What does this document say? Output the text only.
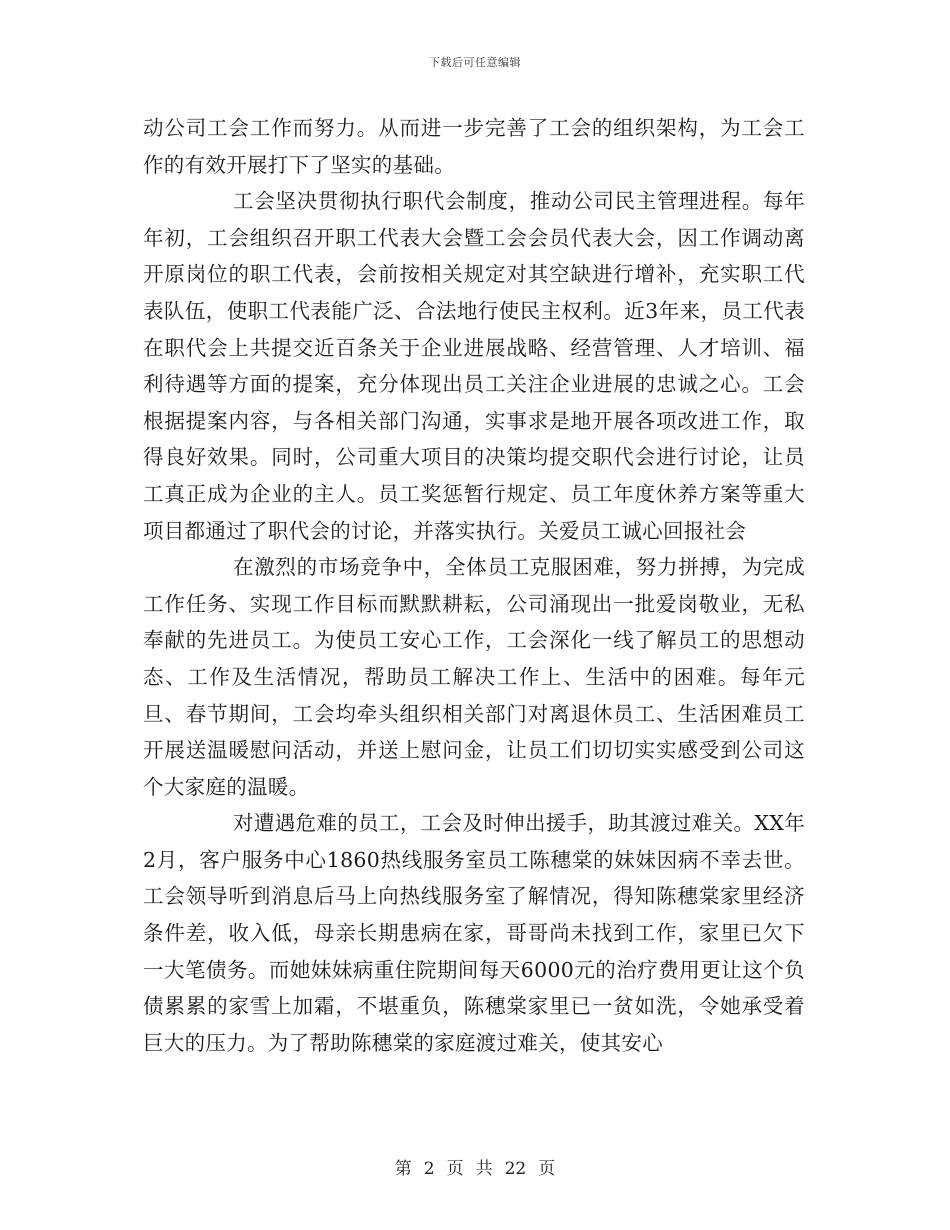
下载后可任意编辑

动公司工会工作而努力。从而进一步完善了工会的组织架构，为工会工作的有效开展打下了坚实的基础。

工会坚决贯彻执行职代会制度，推动公司民主管理进程。每年年初，工会组织召开职工代表大会暨工会会员代表大会，因工作调动离开原岗位的职工代表，会前按相关规定对其空缺进行增补，充实职工代表队伍，使职工代表能广泛、合法地行使民主权利。近3年来，员工代表在职代会上共提交近百条关于企业进展战略、经营管理、人才培训、福利待遇等方面的提案，充分体现出员工关注企业进展的忠诚之心。工会根据提案内容，与各相关部门沟通，实事求是地开展各项改进工作，取得良好效果。同时，公司重大项目的决策均提交职代会进行讨论，让员工真正成为企业的主人。员工奖惩暂行规定、员工年度休养方案等重大项目都通过了职代会的讨论，并落实执行。关爱员工诚心回报社会

在激烈的市场竞争中，全体员工克服困难，努力拼搏，为完成工作任务、实现工作目标而默默耕耘，公司涌现出一批爱岗敬业，无私奉献的先进员工。为使员工安心工作，工会深化一线了解员工的思想动态、工作及生活情况，帮助员工解决工作上、生活中的困难。每年元旦、春节期间，工会均牵头组织相关部门对离退休员工、生活困难员工开展送温暖慰问活动，并送上慰问金，让员工们切切实实感受到公司这个大家庭的温暖。

对遭遇危难的员工，工会及时伸出援手，助其渡过难关。XX年2月，客户服务中心1860热线服务室员工陈穗棠的妹妹因病不幸去世。工会领导听到消息后马上向热线服务室了解情况，得知陈穗棠家里经济条件差，收入低，母亲长期患病在家，哥哥尚未找到工作，家里已欠下一大笔债务。而她妹妹病重住院期间每天6000元的治疗费用更让这个负债累累的家雪上加霜，不堪重负，陈穗棠家里已一贫如洗，令她承受着巨大的压力。为了帮助陈穗棠的家庭渡过难关，使其安心

第 2 页 共 22 页
